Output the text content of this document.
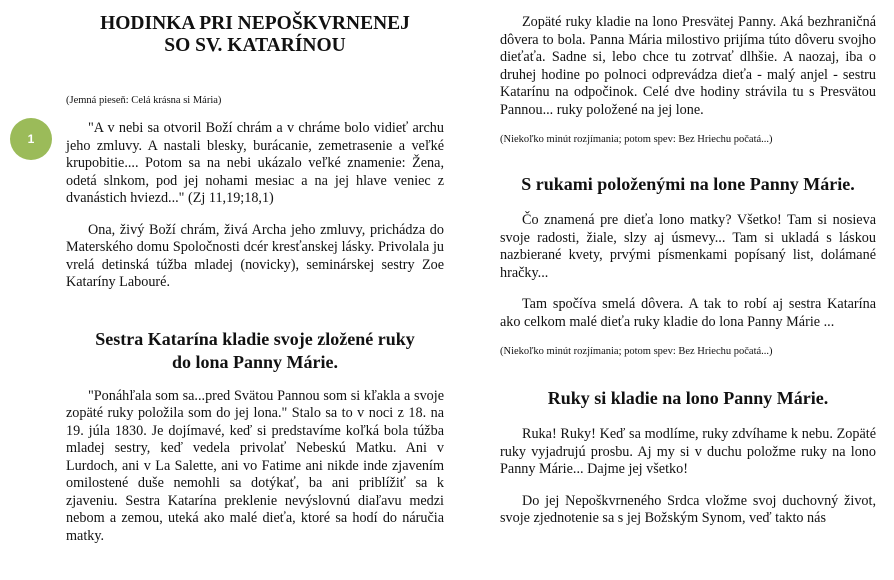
1
HODINKA PRI NEPOŠKVRNENEJ
SO SV. KATARÍNOU

(Jemná pieseň: Celá krásna si Mária)

"A v nebi sa otvoril Boží chrám a v chráme bolo vidieť archu jeho zmluvy. A nastali blesky, burácanie, zemetrasenie a veľké krupobitie.... Potom sa na nebi ukázalo veľké znamenie: Žena, odetá slnkom, pod jej nohami mesiac a na jej hlave veniec z dvanástich hviezd..." (Zj 11,19;18,1)

Ona, živý Boží chrám, živá Archa jeho zmluvy, prichádza do Materského domu Spoločnosti dcér kresťanskej lásky. Privolala ju vrelá detinská túžba mladej (novicky), seminárskej sestry Zoe Kataríny Labouré.

Sestra Katarína kladie svoje zložené ruky
do lona Panny Márie.

"Ponáhľala som sa...pred Svätou Pannou som si kľakla a svoje zopäté ruky položila som do jej lona." Stalo sa to v noci z 18. na 19. júla 1830. Je dojímavé, keď si predstavíme koľká bola túžba mladej sestry, keď vedela privolať Nebeskú Matku. Ani v Lurdoch, ani v La Salette, ani vo Fatime ani nikde inde zjavením omilostené duše nemohli sa dotýkať, ba ani priblížiť sa k zjaveniu. Sestra Katarína preklenie nevýslovnú diaľavu medzi nebom a zemou, uteká ako malé dieťa, ktoré sa hodí do náručia matky.

Zopäté ruky kladie na lono Presvätej Panny. Aká bezhraničná dôvera to bola. Panna Mária milostivo prijíma túto dôveru svojho dieťaťa. Sadne si, lebo chce tu zotrvať dlhšie. A naozaj, iba o druhej hodine po polnoci odprevádza dieťa - malý anjel - sestru Katarínu na odpočinok. Celé dve hodiny strávila tu s Presvätou Pannou... ruky položené na jej lone.

(Niekoľko minút rozjímania; potom spev: Bez Hriechu počatá...)

S rukami položenými na lone Panny Márie.

Čo znamená pre dieťa lono matky? Všetko! Tam si nosieva svoje radosti, žiale, slzy aj úsmevy... Tam si ukladá s láskou nazbierané kvety, prvými písmenkami popísaný list, dolámané hračky...

Tam spočíva smelá dôvera. A tak to robí aj sestra Katarína ako celkom malé dieťa ruky kladie do lona Panny Márie ...

(Niekoľko minút rozjímania; potom spev: Bez Hriechu počatá...)

Ruky si kladie na lono Panny Márie.

Ruka! Ruky! Keď sa modlíme, ruky zdvíhame k nebu. Zopäté ruky vyjadrujú prosbu. Aj my si v duchu položme ruky na lono Panny Márie... Dajme jej všetko!

Do jej Nepoškvrneného Srdca vložme svoj duchovný život, svoje zjednotenie sa s jej Božským Synom, veď takto nás
